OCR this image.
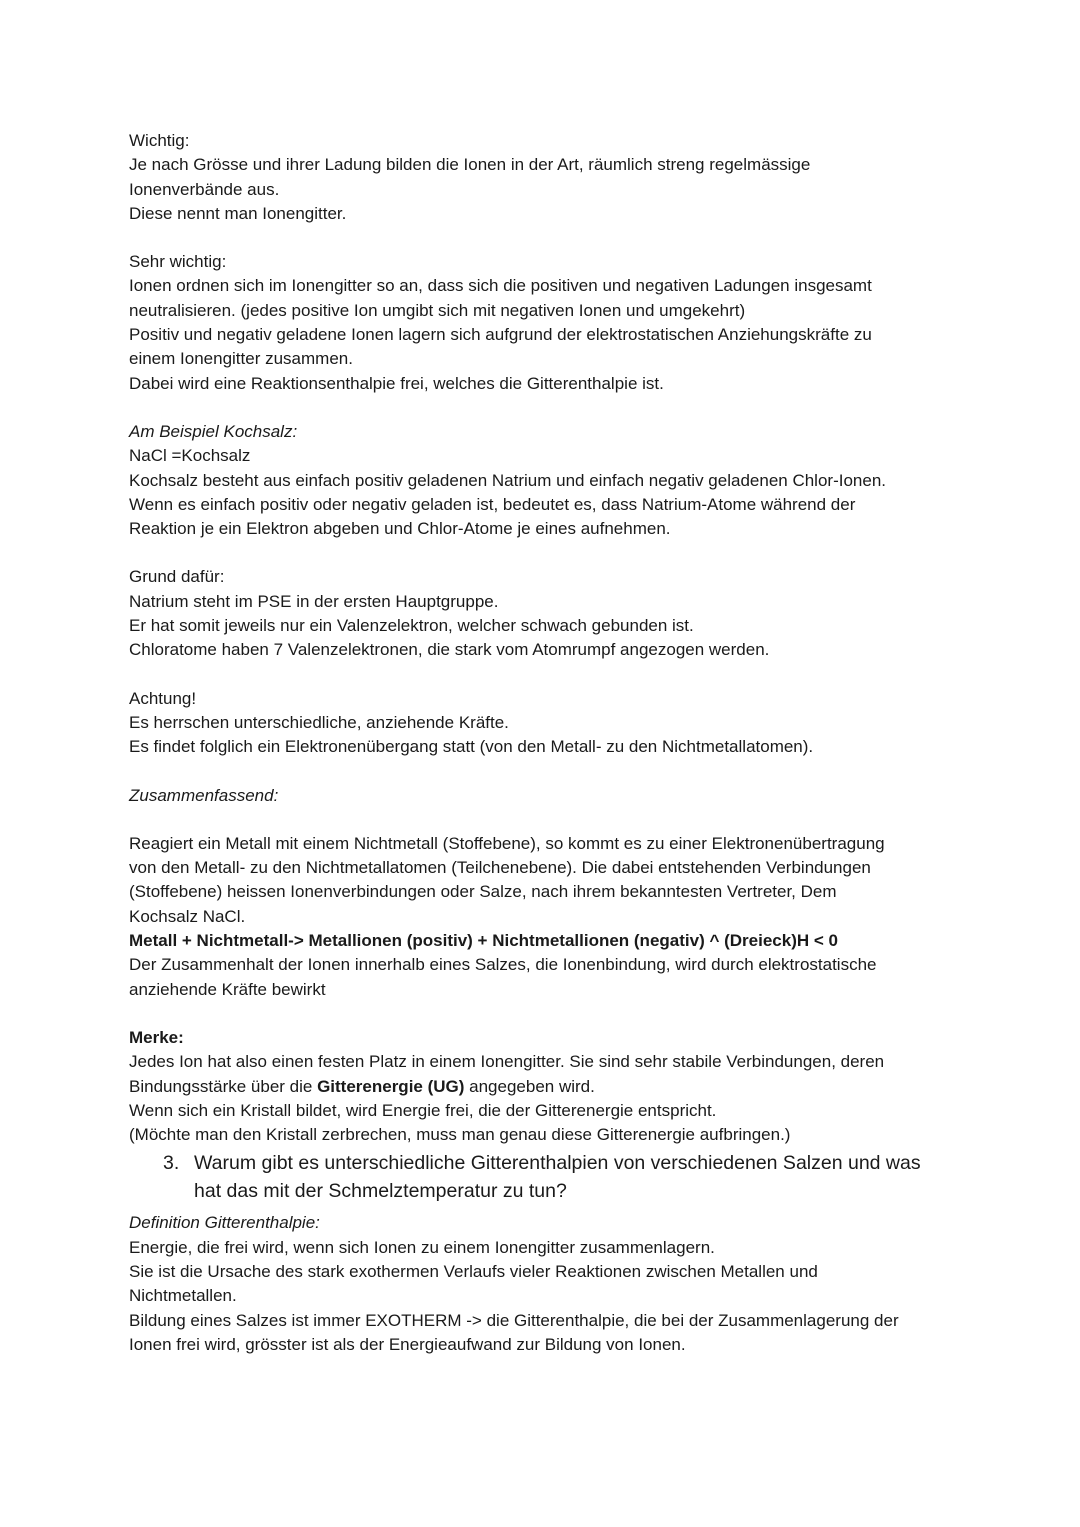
Wichtig:
Je nach Grösse und ihrer Ladung bilden die Ionen in der Art, räumlich streng regelmässige
Ionenverbände aus.
Diese nennt man Ionengitter.
Sehr wichtig:
Ionen ordnen sich im Ionengitter so an, dass sich die positiven und negativen Ladungen insgesamt
neutralisieren. (jedes positive Ion umgibt sich mit negativen Ionen und umgekehrt)
Positiv und negativ geladene Ionen lagern sich aufgrund der elektrostatischen Anziehungskräfte zu
einem Ionengitter zusammen.
Dabei wird eine Reaktionsenthalpie frei, welches die Gitterenthalpie ist.
Am Beispiel Kochsalz:
NaCl =Kochsalz
Kochsalz besteht aus einfach positiv geladenen Natrium und einfach negativ geladenen Chlor-Ionen.
Wenn es einfach positiv oder negativ geladen ist, bedeutet es, dass Natrium-Atome während der
Reaktion je ein Elektron abgeben und Chlor-Atome je eines aufnehmen.
Grund dafür:
Natrium steht im PSE in der ersten Hauptgruppe.
Er hat somit jeweils nur ein Valenzelektron, welcher schwach gebunden ist.
Chloratome haben 7 Valenzelektronen, die stark vom Atomrumpf angezogen werden.
Achtung!
Es herrschen unterschiedliche, anziehende Kräfte.
Es findet folglich ein Elektronenübergang statt (von den Metall- zu den Nichtmetallatomen).
Zusammenfassend:
Reagiert ein Metall mit einem Nichtmetall (Stoffebene), so kommt es zu einer Elektronenübertragung
von den Metall- zu den Nichtmetallatomen (Teilchenebene). Die dabei entstehenden Verbindungen
(Stoffebene) heissen Ionenverbindungen oder Salze, nach ihrem bekanntesten Vertreter, Dem
Kochsalz NaCl.
Metall + Nichtmetall-> Metallionen (positiv) + Nichtmetallionen (negativ) ^ (Dreieck)H < 0
Der Zusammenhalt der Ionen innerhalb eines Salzes, die Ionenbindung, wird durch elektrostatische
anziehende Kräfte bewirkt
Merke:
Jedes Ion hat also einen festen Platz in einem Ionengitter. Sie sind sehr stabile Verbindungen, deren
Bindungsstärke über die Gitterenergie (UG) angegeben wird.
Wenn sich ein Kristall bildet, wird Energie frei, die der Gitterenergie entspricht.
(Möchte man den Kristall zerbrechen, muss man genau diese Gitterenergie aufbringen.)
3. Warum gibt es unterschiedliche Gitterenthalpien von verschiedenen Salzen und was
hat das mit der Schmelztemperatur zu tun?
Definition Gitterenthalpie:
Energie, die frei wird, wenn sich Ionen zu einem Ionengitter zusammenlagern.
Sie ist die Ursache des stark exothermen Verlaufs vieler Reaktionen zwischen Metallen und
Nichtmetallen.
Bildung eines Salzes ist immer EXOTHERM -> die Gitterenthalpie, die bei der Zusammenlagerung der
Ionen frei wird, grösster ist als der Energieaufwand zur Bildung von Ionen.
